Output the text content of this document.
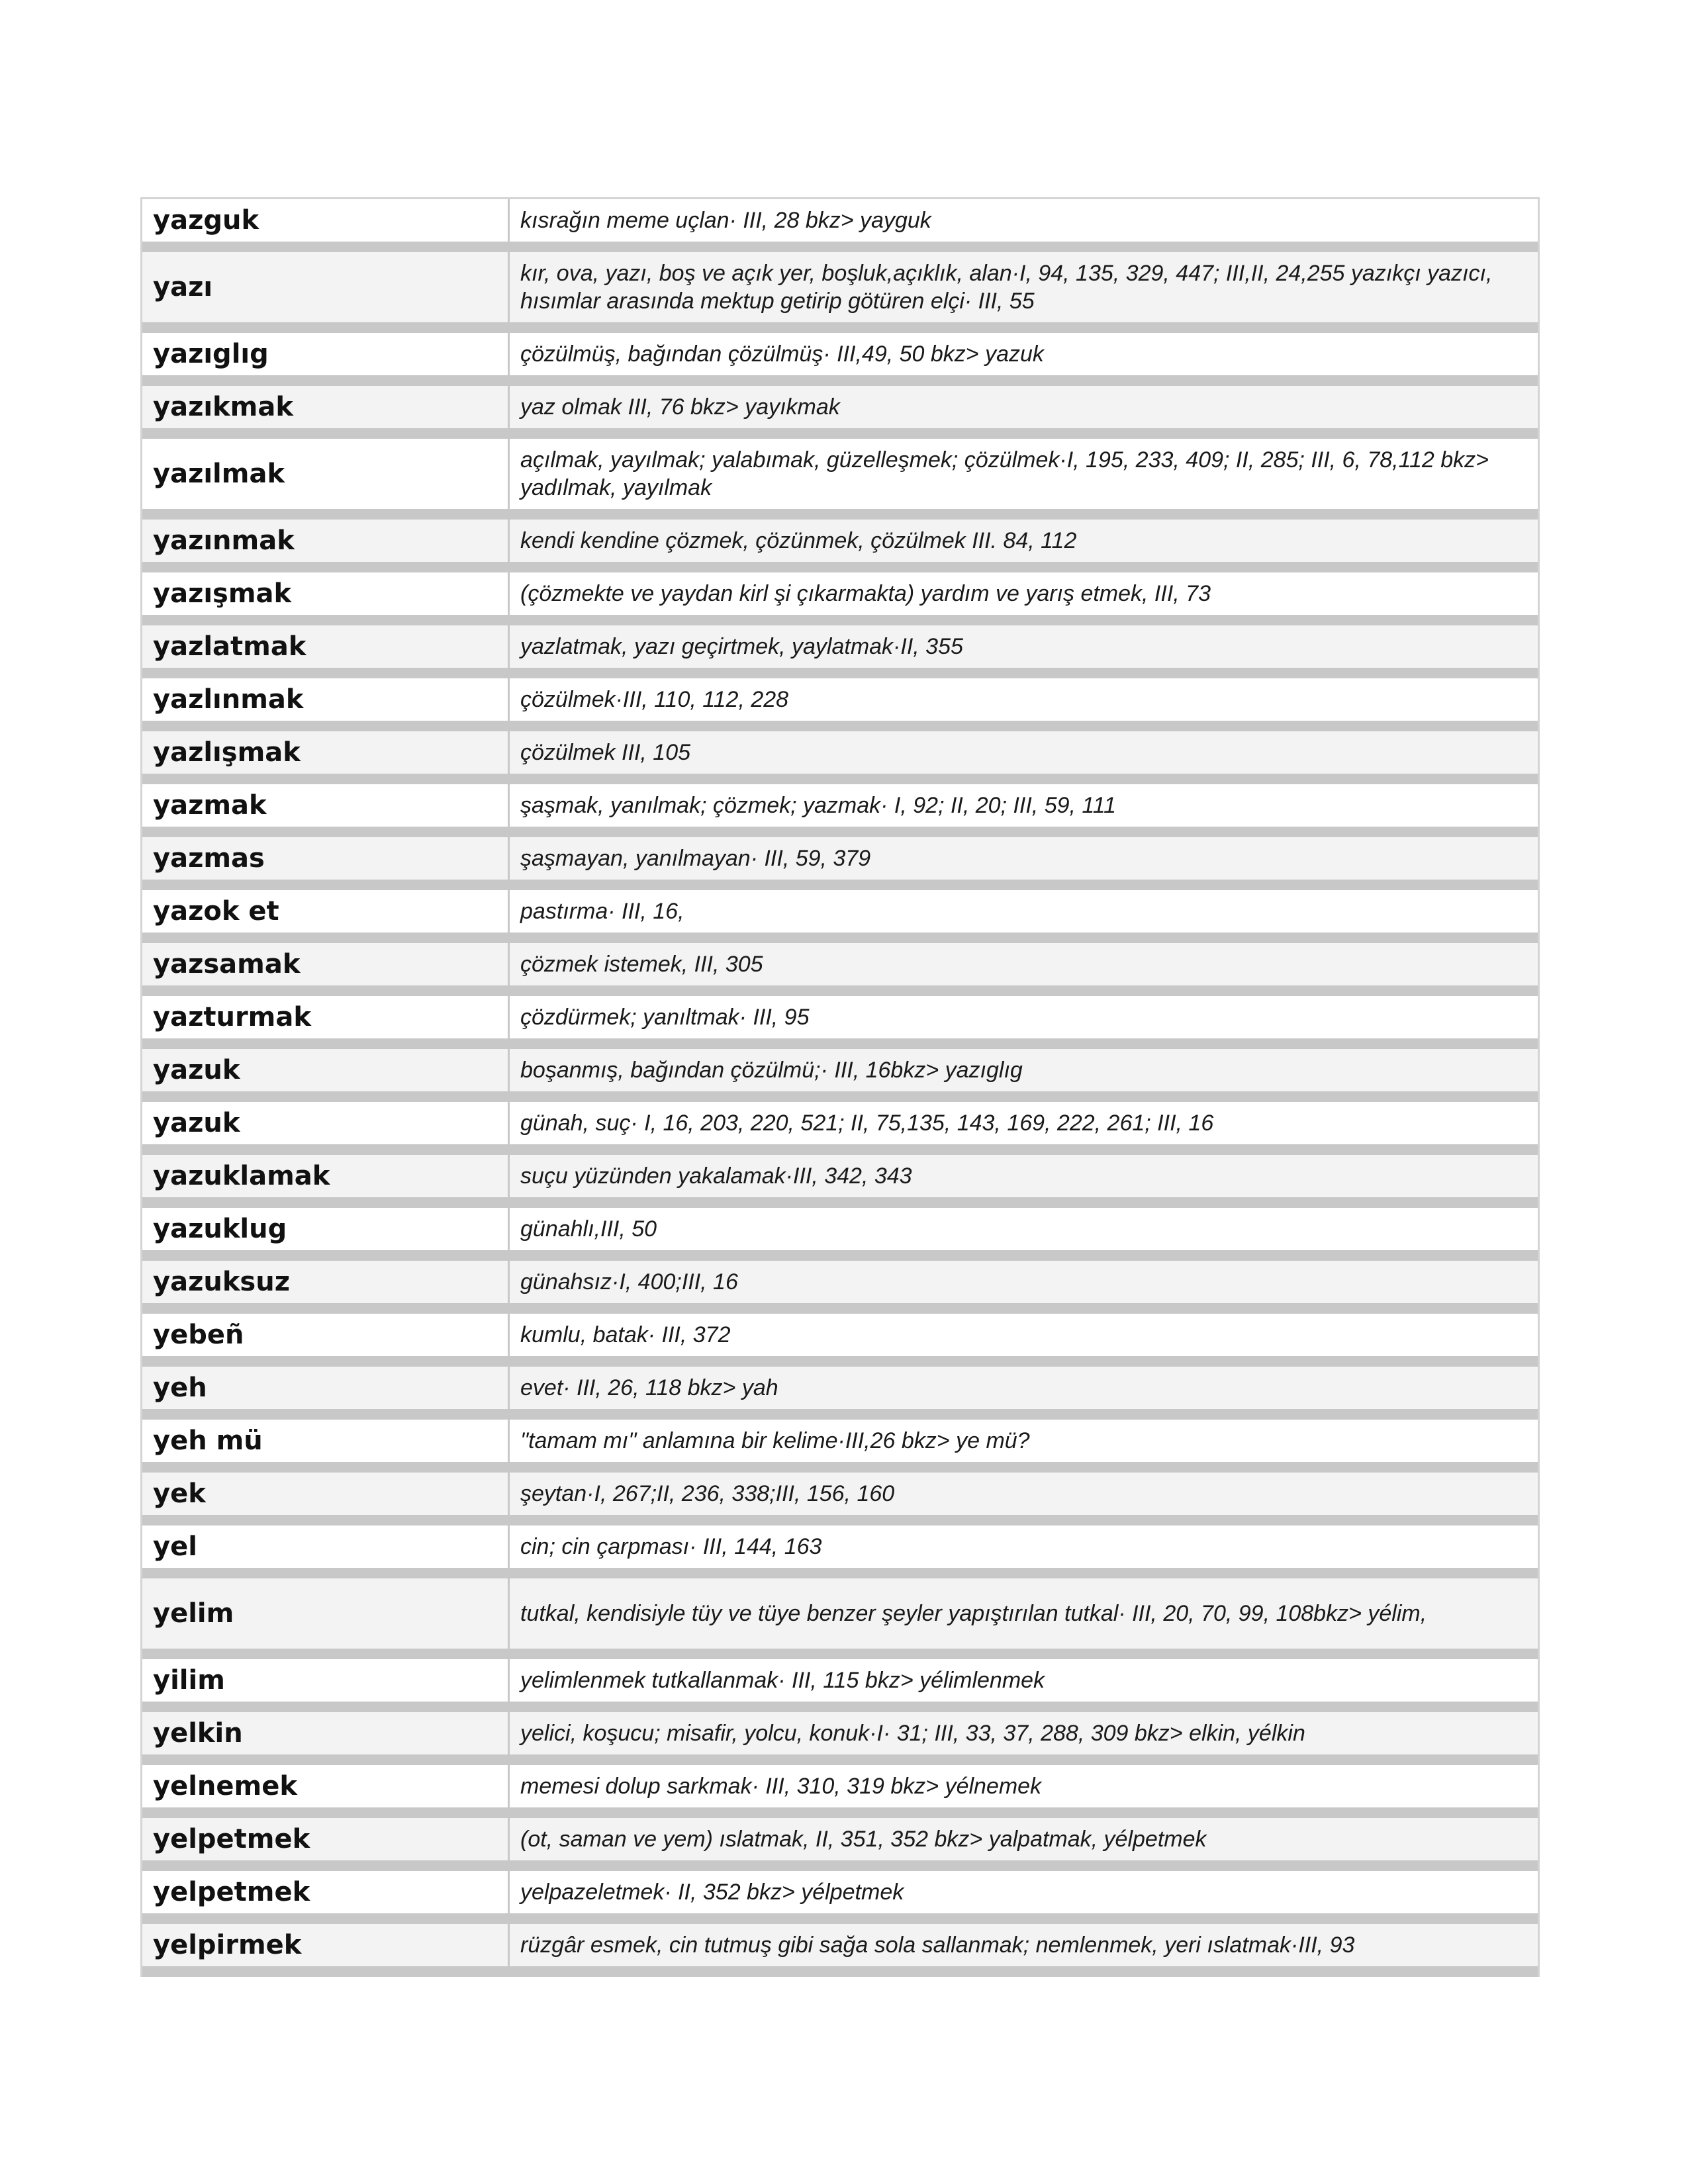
yazguk	kısrağın meme uçlan· III, 28 bkz> yayguk
yazı	kır, ova, yazı, boş ve açık yer, boşluk,açıklık, alan·I, 94, 135, 329, 447; III,II, 24,255 yazıkçı yazıcı, hısımlar arasında mektup getirip götüren elçi· III, 55
yazıglıg	çözülmüş, bağından çözülmüş· III,49, 50 bkz> yazuk
yazıkmak	yaz olmak III, 76 bkz> yayıkmak
yazılmak	açılmak, yayılmak; yalabımak, güzelleşmek; çözülmek·I, 195, 233, 409; II, 285; III, 6, 78,112 bkz> yadılmak, yayılmak
yazınmak	kendi kendine çözmek, çözünmek, çözülmek III. 84, 112
yazışmak	(çözmekte ve yaydan kirl şi çıkarmakta) yardım ve yarış etmek, III, 73
yazlatmak	yazlatmak, yazı geçirtmek, yaylatmak·II, 355
yazlınmak	çözülmek·III, 110, 112, 228
yazlışmak	çözülmek III, 105
yazmak	şaşmak, yanılmak; çözmek; yazmak· I, 92; II, 20; III, 59, 111
yazmas	şaşmayan, yanılmayan· III, 59, 379
yazok et	pastırma· III, 16,
yazsamak	çözmek istemek, III, 305
yazturmak	çözdürmek; yanıltmak· III, 95
yazuk	boşanmış, bağından çözülmü;· III, 16bkz> yazıglıg
yazuk	günah, suç· I, 16, 203, 220, 521; II, 75,135, 143, 169, 222, 261; III, 16
yazuklamak	suçu yüzünden yakalamak·III, 342, 343
yazuklug	günahlı,III, 50
yazuksuz	günahsız·I, 400;III, 16
yebeñ	kumlu, batak· III, 372
yeh	evet· III, 26, 118 bkz> yah
yeh mü	"tamam mı" anlamına bir kelime·III,26 bkz> ye mü?
yek	şeytan·I, 267;II, 236, 338;III, 156, 160
yel	cin; cin çarpması· III, 144, 163
yelim	tutkal, kendisiyle tüy ve tüye benzer şeyler yapıştırılan tutkal· III, 20, 70, 99, 108bkz> yélim,
yilim	yelimlenmek tutkallanmak· III, 115 bkz> yélimlenmek
yelkin	yelici, koşucu; misafir, yolcu, konuk·I· 31; III, 33, 37, 288, 309 bkz> elkin, yélkin
yelnemek	memesi dolup sarkmak· III, 310, 319 bkz> yélnemek
yelpetmek	(ot, saman ve yem) ıslatmak, II, 351, 352 bkz> yalpatmak, yélpetmek
yelpetmek	yelpazeletmek· II, 352 bkz> yélpetmek
yelpirmek	rüzgâr esmek, cin tutmuş gibi sağa sola sallanmak; nemlenmek, yeri ıslatmak·III, 93
